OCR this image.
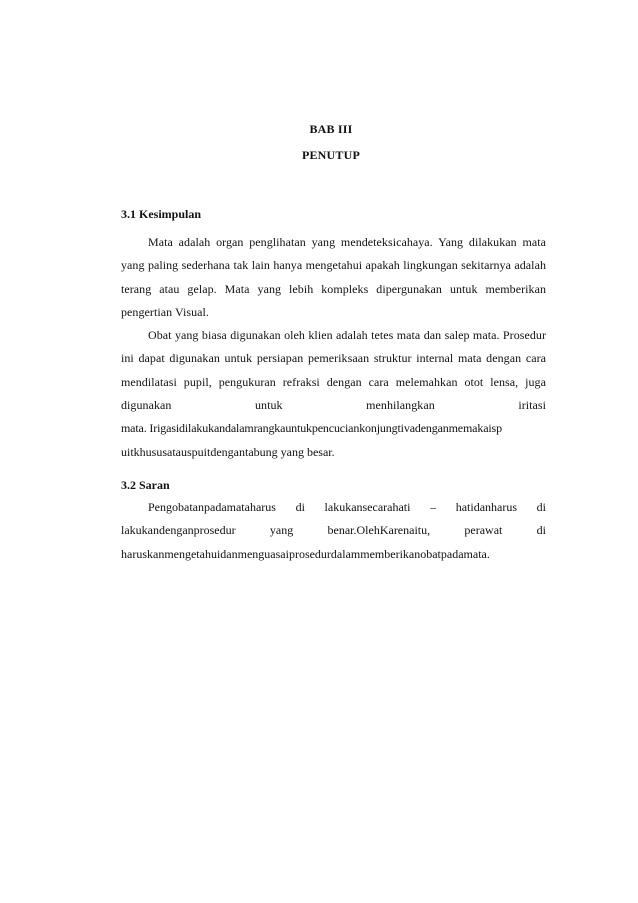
BAB III
PENUTUP
3.1 Kesimpulan

Mata adalah organ penglihatan yang mendeteksicahaya. Yang dilakukan mata yang paling sederhana tak lain hanya mengetahui apakah lingkungan sekitarnya adalah terang atau gelap. Mata yang lebih kompleks dipergunakan untuk memberikan pengertian Visual.

Obat yang biasa digunakan oleh klien adalah tetes mata dan salep mata. Prosedur ini dapat digunakan untuk persiapan pemeriksaan struktur internal mata dengan cara mendilatasi pupil, pengukuran refraksi dengan cara melemahkan otot lensa, juga digunakan untuk menhilangkan iritasi

mata. Irigasidilakukandalamrangkauntukpencuciankonjungtivadenganmemakaisp
uitkhususatauspuitdengantabung yang besar.
3.2 Saran
Pengobatanpadamataharus di lakukansecarahati – hatidanharus di
lakukandenganprosedur yang benar.OlehKarenaitu, perawat di
haruskanmengetahuidanmenguasaiprosedurdalammemberikanobatpadamata.
